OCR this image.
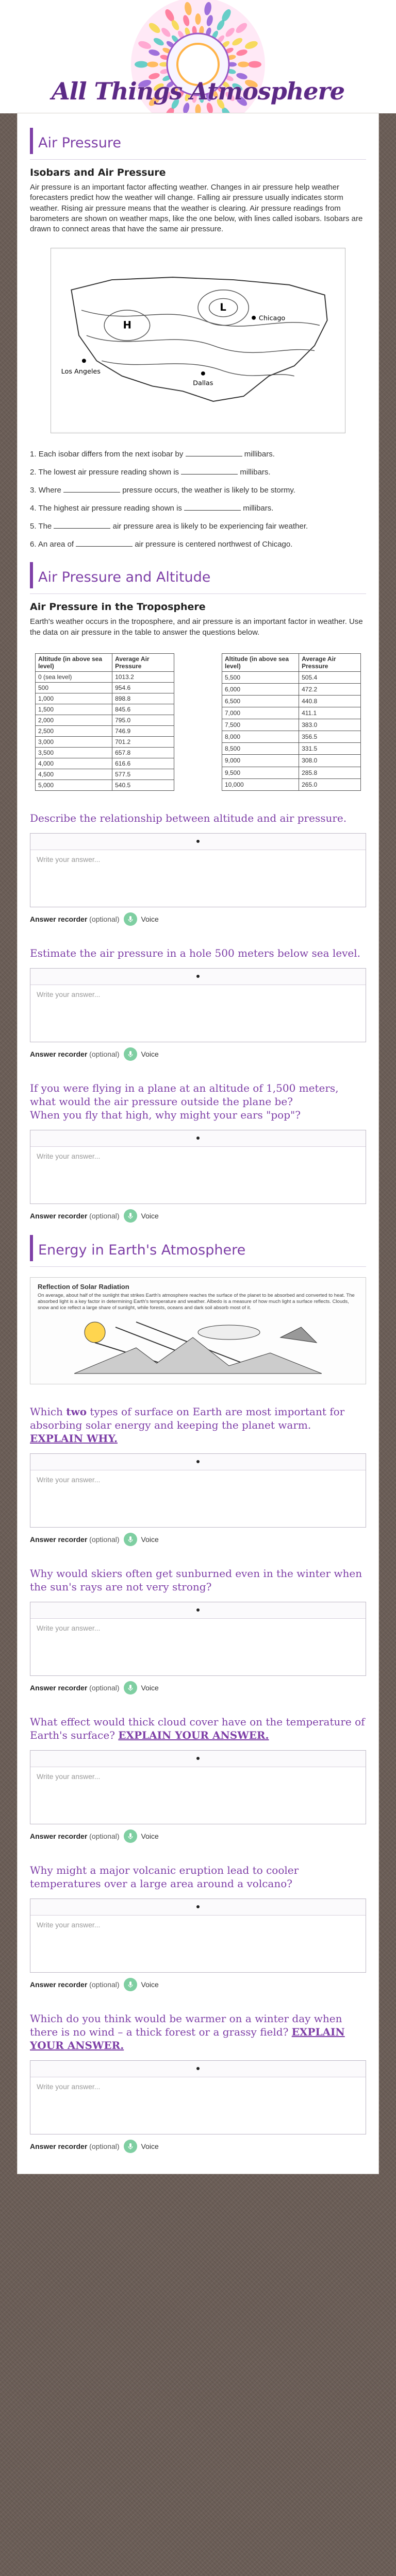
All Things Atmosphere
Air Pressure
Isobars and Air Pressure

Air pressure is an important factor affecting weather. Changes in air pressure help weather forecasters predict how the weather will change. Falling air pressure usually indicates storm weather. Rising air pressure means that the weather is clearing. Air pressure readings from barometers are shown on weather maps, like the one below, with lines called isobars. Isobars are drawn to connect areas that have the same air pressure.

H
L
Los Angeles
Dallas
Chicago
1. Each isobar differs from the next isobar by	millibars.
2. The lowest air pressure reading shown is	millibars.
3. Where	pressure occurs, the weather is likely to be stormy.
4. The highest air pressure reading shown is	millibars.
5. The	air pressure area is likely to be experiencing fair weather.
6. An area of	air pressure is centered northwest of Chicago.
Air Pressure and Altitude
Air Pressure in the Troposphere

Earth's weather occurs in the troposphere, and air pressure is an important factor in weather. Use the data on air pressure in the table to answer the questions below.

Altitude (in above sea level)	Average Air Pressure
0 (sea level)	1013.2
500	954.6
1,000	898.8
1,500	845.6
2,000	795.0
2,500	746.9
3,000	701.2
3,500	657.8
4,000	616.6
4,500	577.5
5,000	540.5
Altitude (in above sea level)	Average Air Pressure
5,500	505.4
6,000	472.2
6,500	440.8
7,000	411.1
7,500	383.0
8,000	356.5
8,500	331.5
9,000	308.0
9,500	285.8
10,000	265.0
Describe the relationship between altitude and air pressure.
Write your answer...
Answer recorder (optional)	Voice
Estimate the air pressure in a hole 500 meters below sea level.
Write your answer...
Answer recorder (optional)	Voice
If you were flying in a plane at an altitude of 1,500 meters, what would the air pressure outside the plane be?
When you fly that high, why might your ears "pop"?
Write your answer...
Answer recorder (optional)	Voice
Energy in Earth's Atmosphere
Reflection of Solar Radiation
On average, about half of the sunlight that strikes Earth's atmosphere reaches the surface of the planet to be absorbed and converted to heat. The absorbed light is a key factor in determining Earth's temperature and weather. Albedo is a measure of how much light a surface reflects. Clouds, snow and ice reflect a large share of sunlight, while forests, oceans and dark soil absorb most of it.
Which two types of surface on Earth are most important for absorbing solar energy and keeping the planet warm. EXPLAIN WHY.
Write your answer...
Answer recorder (optional)	Voice
Why would skiers often get sunburned even in the winter when the sun's rays are not very strong?
Write your answer...
Answer recorder (optional)	Voice
What effect would thick cloud cover have on the temperature of Earth's surface? EXPLAIN YOUR ANSWER.
Write your answer...
Answer recorder (optional)	Voice
Why might a major volcanic eruption lead to cooler temperatures over a large area around a volcano?
Write your answer...
Answer recorder (optional)	Voice
Which do you think would be warmer on a winter day when there is no wind – a thick forest or a grassy field? EXPLAIN YOUR ANSWER.
Write your answer...
Answer recorder (optional)	Voice
